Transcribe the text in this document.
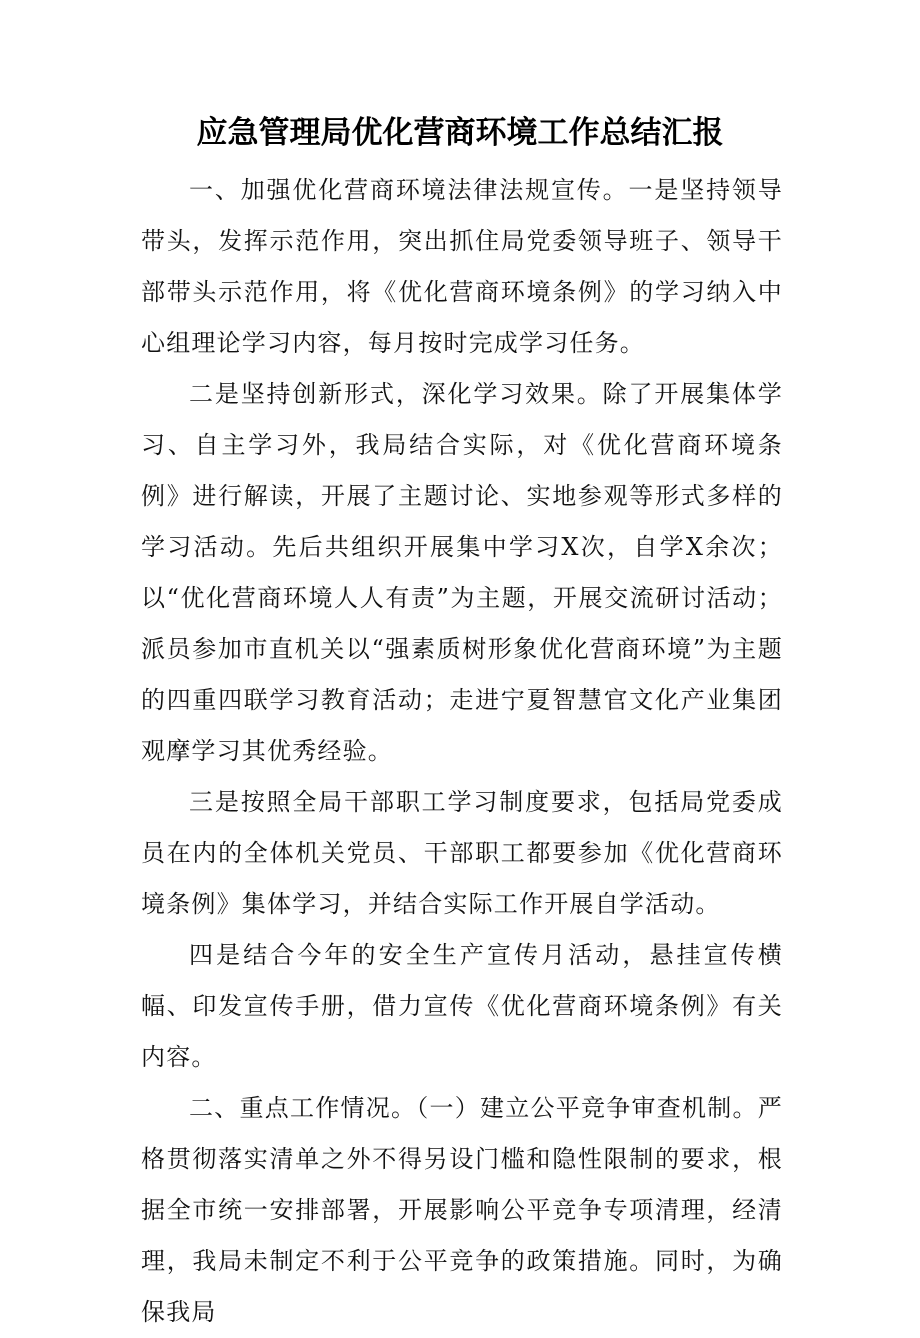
应急管理局优化营商环境工作总结汇报

一、加强优化营商环境法律法规宣传。一是坚持领导带头，发挥示范作用，突出抓住局党委领导班子、领导干部带头示范作用，将《优化营商环境条例》的学习纳入中心组理论学习内容，每月按时完成学习任务。

二是坚持创新形式，深化学习效果。除了开展集体学习、自主学习外，我局结合实际，对《优化营商环境条例》进行解读，开展了主题讨论、实地参观等形式多样的学习活动。先后共组织开展集中学习X次，自学X余次；以“优化营商环境人人有责”为主题，开展交流研讨活动；派员参加市直机关以“强素质树形象优化营商环境”为主题的四重四联学习教育活动；走进宁夏智慧官文化产业集团观摩学习其优秀经验。

三是按照全局干部职工学习制度要求，包括局党委成员在内的全体机关党员、干部职工都要参加《优化营商环境条例》集体学习，并结合实际工作开展自学活动。

四是结合今年的安全生产宣传月活动，悬挂宣传横幅、印发宣传手册，借力宣传《优化营商环境条例》有关内容。

二、重点工作情况。（一）建立公平竞争审查机制。严格贯彻落实清单之外不得另设门槛和隐性限制的要求，根据全市统一安排部署，开展影响公平竞争专项清理，经清理，我局未制定不利于公平竞争的政策措施。同时，为确保我局
